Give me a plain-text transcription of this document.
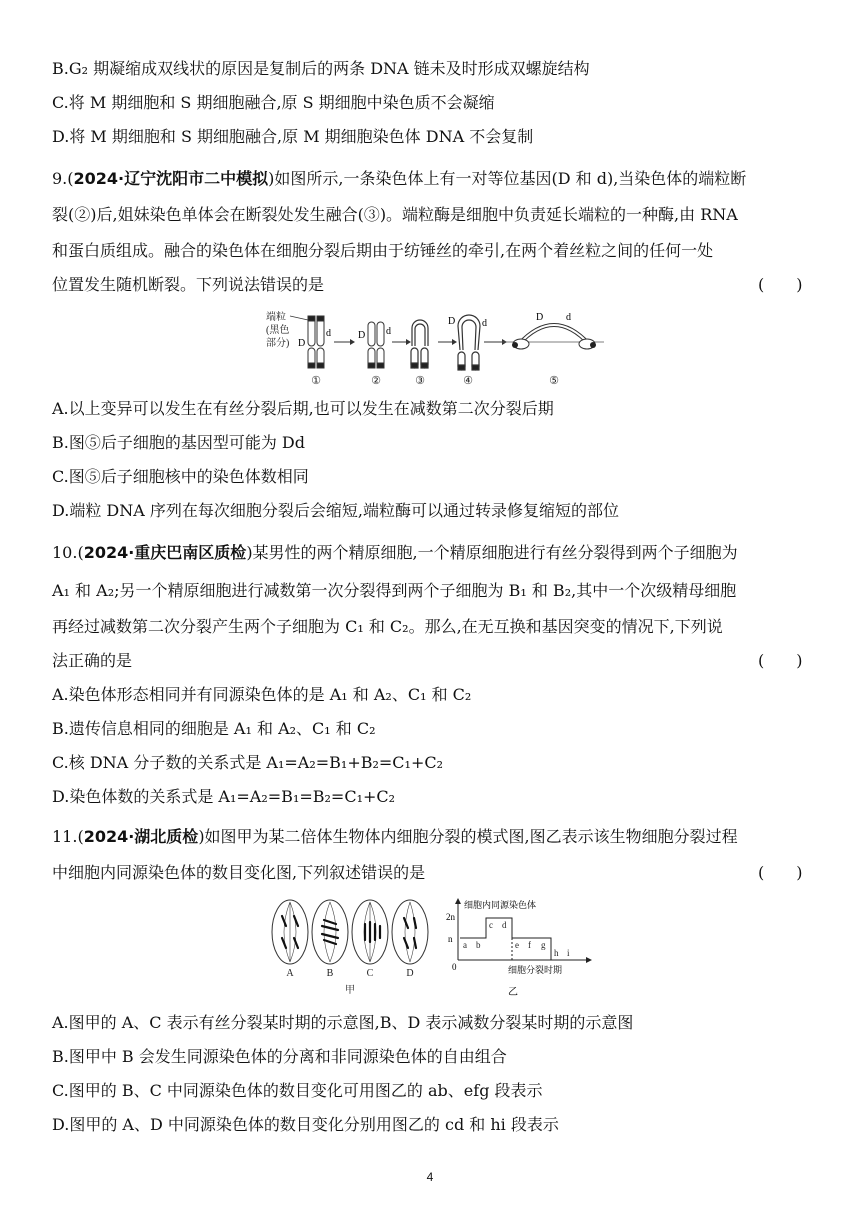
B.G₂ 期凝缩成双线状的原因是复制后的两条 DNA 链未及时形成双螺旋结构
C.将 M 期细胞和 S 期细胞融合,原 S 期细胞中染色质不会凝缩
D.将 M 期细胞和 S 期细胞融合,原 M 期细胞染色体 DNA 不会复制
9.(2024·辽宁沈阳市二中模拟)如图所示,一条染色体上有一对等位基因(D 和 d),当染色体的端粒断
裂(②)后,姐妹染色单体会在断裂处发生融合(③)。端粒酶是细胞中负责延长端粒的一种酶,由 RNA
和蛋白质组成。融合的染色体在细胞分裂后期由于纺锤丝的牵引,在两个着丝粒之间的任何一处
位置发生随机断裂。下列说法错误的是	(　　)
端粒
(黑色
部分) D
d	D d
D	d
D d
①	②	③	④	⑤
A.以上变异可以发生在有丝分裂后期,也可以发生在减数第二次分裂后期
B.图⑤后子细胞的基因型可能为 Dd
C.图⑤后子细胞核中的染色体数相同
D.端粒 DNA 序列在每次细胞分裂后会缩短,端粒酶可以通过转录修复缩短的部位
10.(2024·重庆巴南区质检)某男性的两个精原细胞,一个精原细胞进行有丝分裂得到两个子细胞为
A₁ 和 A₂;另一个精原细胞进行减数第一次分裂得到两个子细胞为 B₁ 和 B₂,其中一个次级精母细胞
再经过减数第二次分裂产生两个子细胞为 C₁ 和 C₂。那么,在无互换和基因突变的情况下,下列说
法正确的是	(　　)
A.染色体形态相同并有同源染色体的是 A₁ 和 A₂、C₁ 和 C₂
B.遗传信息相同的细胞是 A₁ 和 A₂、C₁ 和 C₂
C.核 DNA 分子数的关系式是 A₁=A₂=B₁+B₂=C₁+C₂
D.染色体数的关系式是 A₁=A₂=B₁=B₂=C₁+C₂
11.(2024·湖北质检)如图甲为某二倍体生物体内细胞分裂的模式图,图乙表示该生物细胞分裂过程
中细胞内同源染色体的数目变化图,下列叙述错误的是	(　　)
A	B	C	D
甲
细胞内同源染色体
2n
n
0
a b
c d
e f g
h i
细胞分裂时期
乙
A.图甲的 A、C 表示有丝分裂某时期的示意图,B、D 表示减数分裂某时期的示意图
B.图甲中 B 会发生同源染色体的分离和非同源染色体的自由组合
C.图甲的 B、C 中同源染色体的数目变化可用图乙的 ab、efg 段表示
D.图甲的 A、D 中同源染色体的数目变化分别用图乙的 cd 和 hi 段表示
4
